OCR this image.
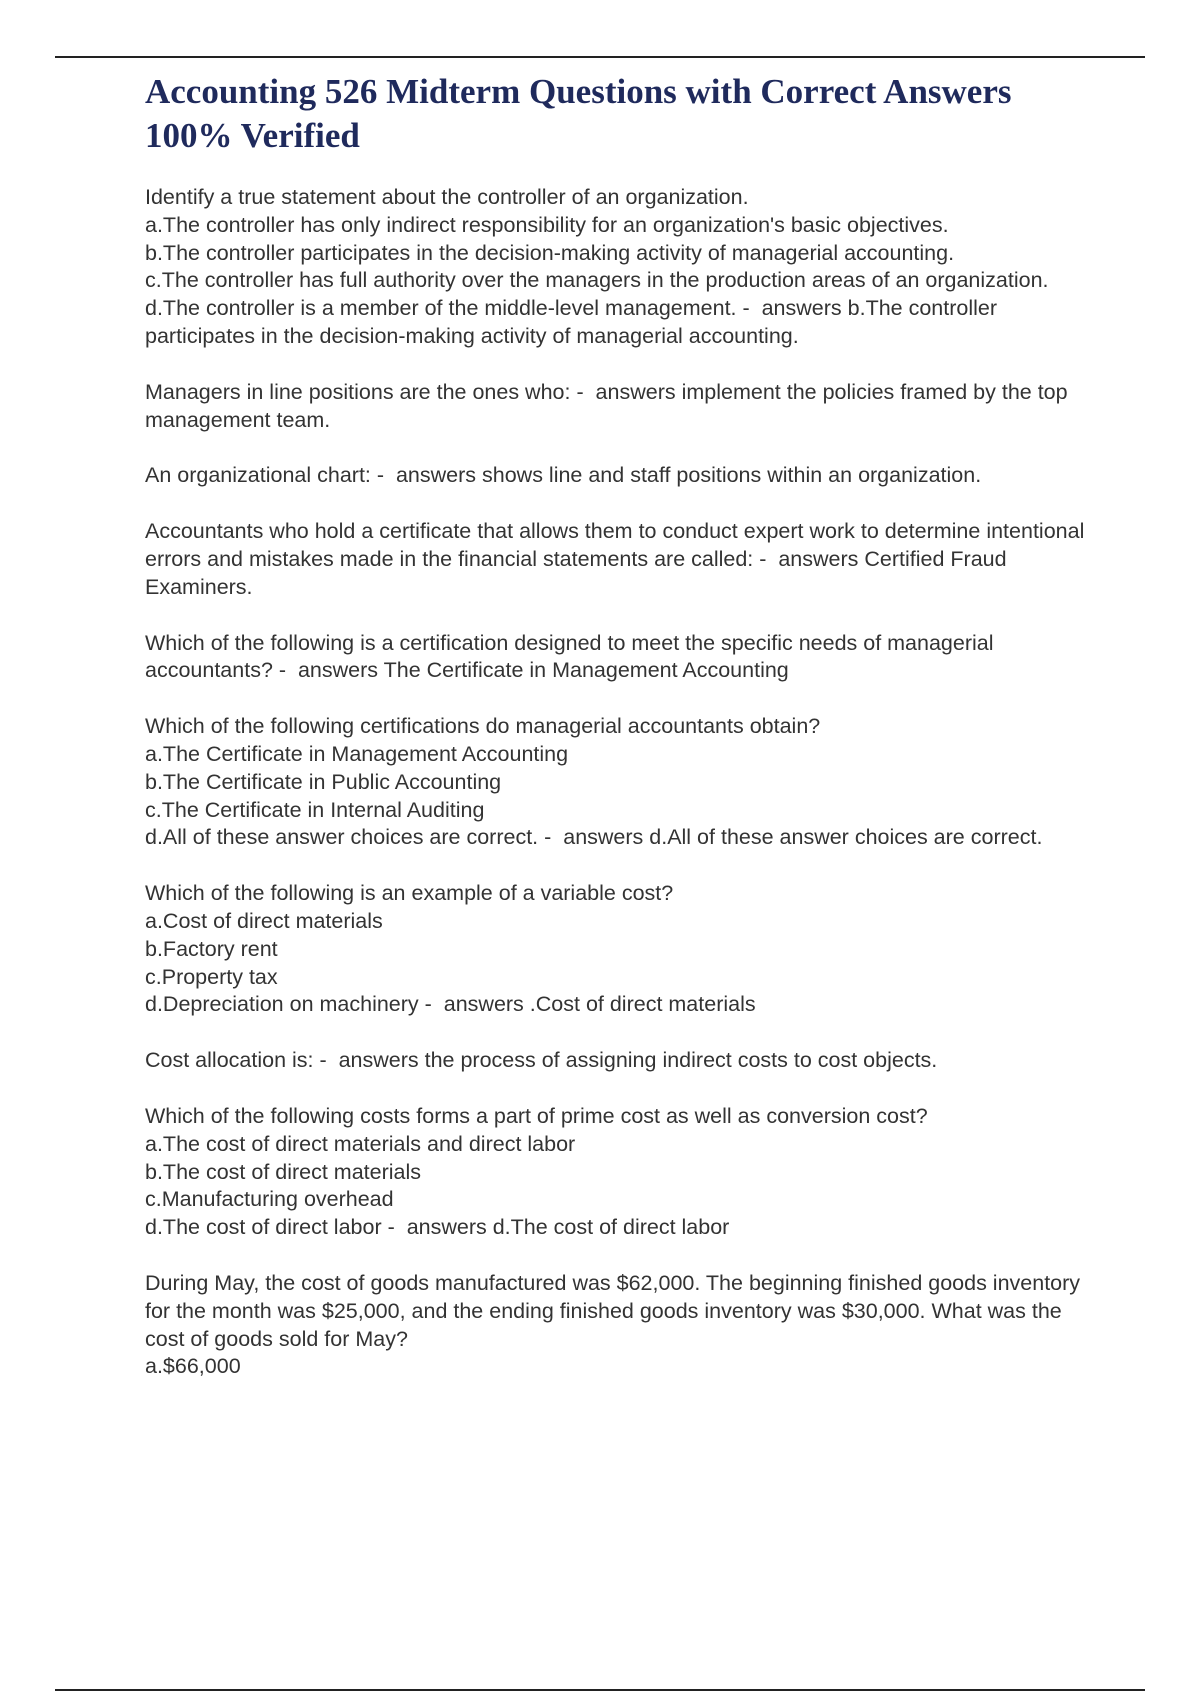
Accounting 526 Midterm Questions with Correct Answers 100% Verified
Identify a true statement about the controller of an organization.
a.The controller has only indirect responsibility for an organization's basic objectives.
b.The controller participates in the decision-making activity of managerial accounting.
c.The controller has full authority over the managers in the production areas of an organization.
d.The controller is a member of the middle-level management. -  answers b.The controller participates in the decision-making activity of managerial accounting.
Managers in line positions are the ones who: -  answers implement the policies framed by the top management team.
An organizational chart: -  answers shows line and staff positions within an organization.
Accountants who hold a certificate that allows them to conduct expert work to determine intentional errors and mistakes made in the financial statements are called: -  answers Certified Fraud Examiners.
Which of the following is a certification designed to meet the specific needs of managerial accountants? -  answers The Certificate in Management Accounting
Which of the following certifications do managerial accountants obtain?
a.The Certificate in Management Accounting
b.The Certificate in Public Accounting
c.The Certificate in Internal Auditing
d.All of these answer choices are correct. -  answers d.All of these answer choices are correct.
Which of the following is an example of a variable cost?
a.Cost of direct materials
b.Factory rent
c.Property tax
d.Depreciation on machinery -  answers .Cost of direct materials
Cost allocation is: -  answers the process of assigning indirect costs to cost objects.
Which of the following costs forms a part of prime cost as well as conversion cost?
a.The cost of direct materials and direct labor
b.The cost of direct materials
c.Manufacturing overhead
d.The cost of direct labor -  answers d.The cost of direct labor
During May, the cost of goods manufactured was $62,000. The beginning finished goods inventory for the month was $25,000, and the ending finished goods inventory was $30,000. What was the cost of goods sold for May?
a.$66,000
